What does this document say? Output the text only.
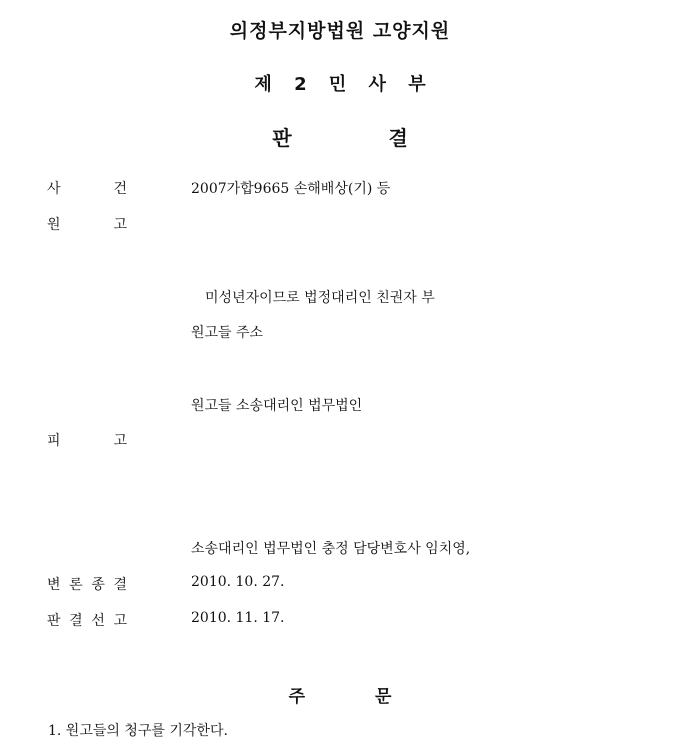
의정부지방법원 고양지원
제 2 민 사 부
판	결
사	건	2007가합9665 손해배상(기) 등
원	고
미성년자이므로 법정대리인 친권자 부
원고들 주소
원고들 소송대리인 법무법인
피	고
소송대리인 법무법인 충정 담당변호사 임치영,
변 론 종 결	2010. 10. 27.
판 결 선 고	2010. 11. 17.
주	문
1. 원고들의 청구를 기각한다.
